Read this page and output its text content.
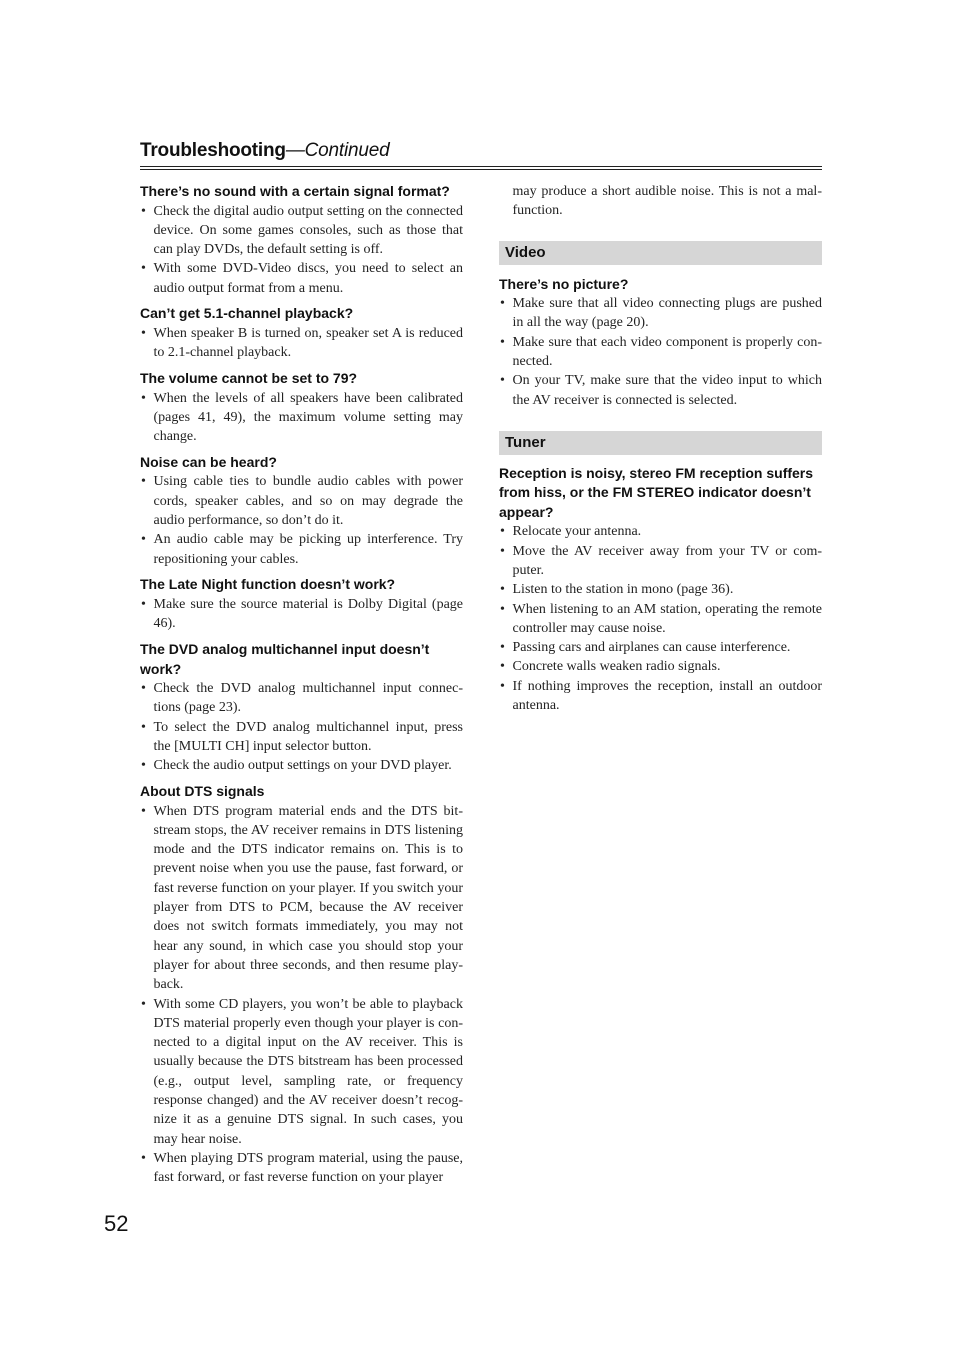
Troubleshooting—Continued

There’s no sound with a certain signal format?

• Check the digital audio output setting on the connected device. On some games consoles, such as those that can play DVDs, the default setting is off.
• With some DVD-Video discs, you need to select an audio output format from a menu.

Can’t get 5.1-channel playback?

• When speaker B is turned on, speaker set A is reduced to 2.1-channel playback.

The volume cannot be set to 79?

• When the levels of all speakers have been calibrated (pages 41, 49), the maximum volume setting may change.

Noise can be heard?

• Using cable ties to bundle audio cables with power cords, speaker cables, and so on may degrade the audio performance, so don’t do it.
• An audio cable may be picking up interference. Try repositioning your cables.

The Late Night function doesn’t work?

• Make sure the source material is Dolby Digital (page 46).

The DVD analog multichannel input doesn’t work?

• Check the DVD analog multichannel input connections (page 23).
• To select the DVD analog multichannel input, press the [MULTI CH] input selector button.
• Check the audio output settings on your DVD player.

About DTS signals

• When DTS program material ends and the DTS bitstream stops, the AV receiver remains in DTS listening mode and the DTS indicator remains on. This is to prevent noise when you use the pause, fast forward, or fast reverse function on your player. If you switch your player from DTS to PCM, because the AV receiver does not switch formats immediately, you may not hear any sound, in which case you should stop your player for about three seconds, and then resume playback.
• With some CD players, you won’t be able to playback DTS material properly even though your player is connected to a digital input on the AV receiver. This is usually because the DTS bitstream has been processed (e.g., output level, sampling rate, or frequency response changed) and the AV receiver doesn’t recognize it as a genuine DTS signal. In such cases, you may hear noise.
• When playing DTS program material, using the pause, fast forward, or fast reverse function on your player

may produce a short audible noise. This is not a malfunction.

Video

There’s no picture?

• Make sure that all video connecting plugs are pushed in all the way (page 20).
• Make sure that each video component is properly connected.
• On your TV, make sure that the video input to which the AV receiver is connected is selected.
Tuner

Reception is noisy, stereo FM reception suffers from hiss, or the FM STEREO indicator doesn’t appear?

• Relocate your antenna.
• Move the AV receiver away from your TV or computer.
• Listen to the station in mono (page 36).
• When listening to an AM station, operating the remote controller may cause noise.
• Passing cars and airplanes can cause interference.
• Concrete walls weaken radio signals.
• If nothing improves the reception, install an outdoor antenna.
52
